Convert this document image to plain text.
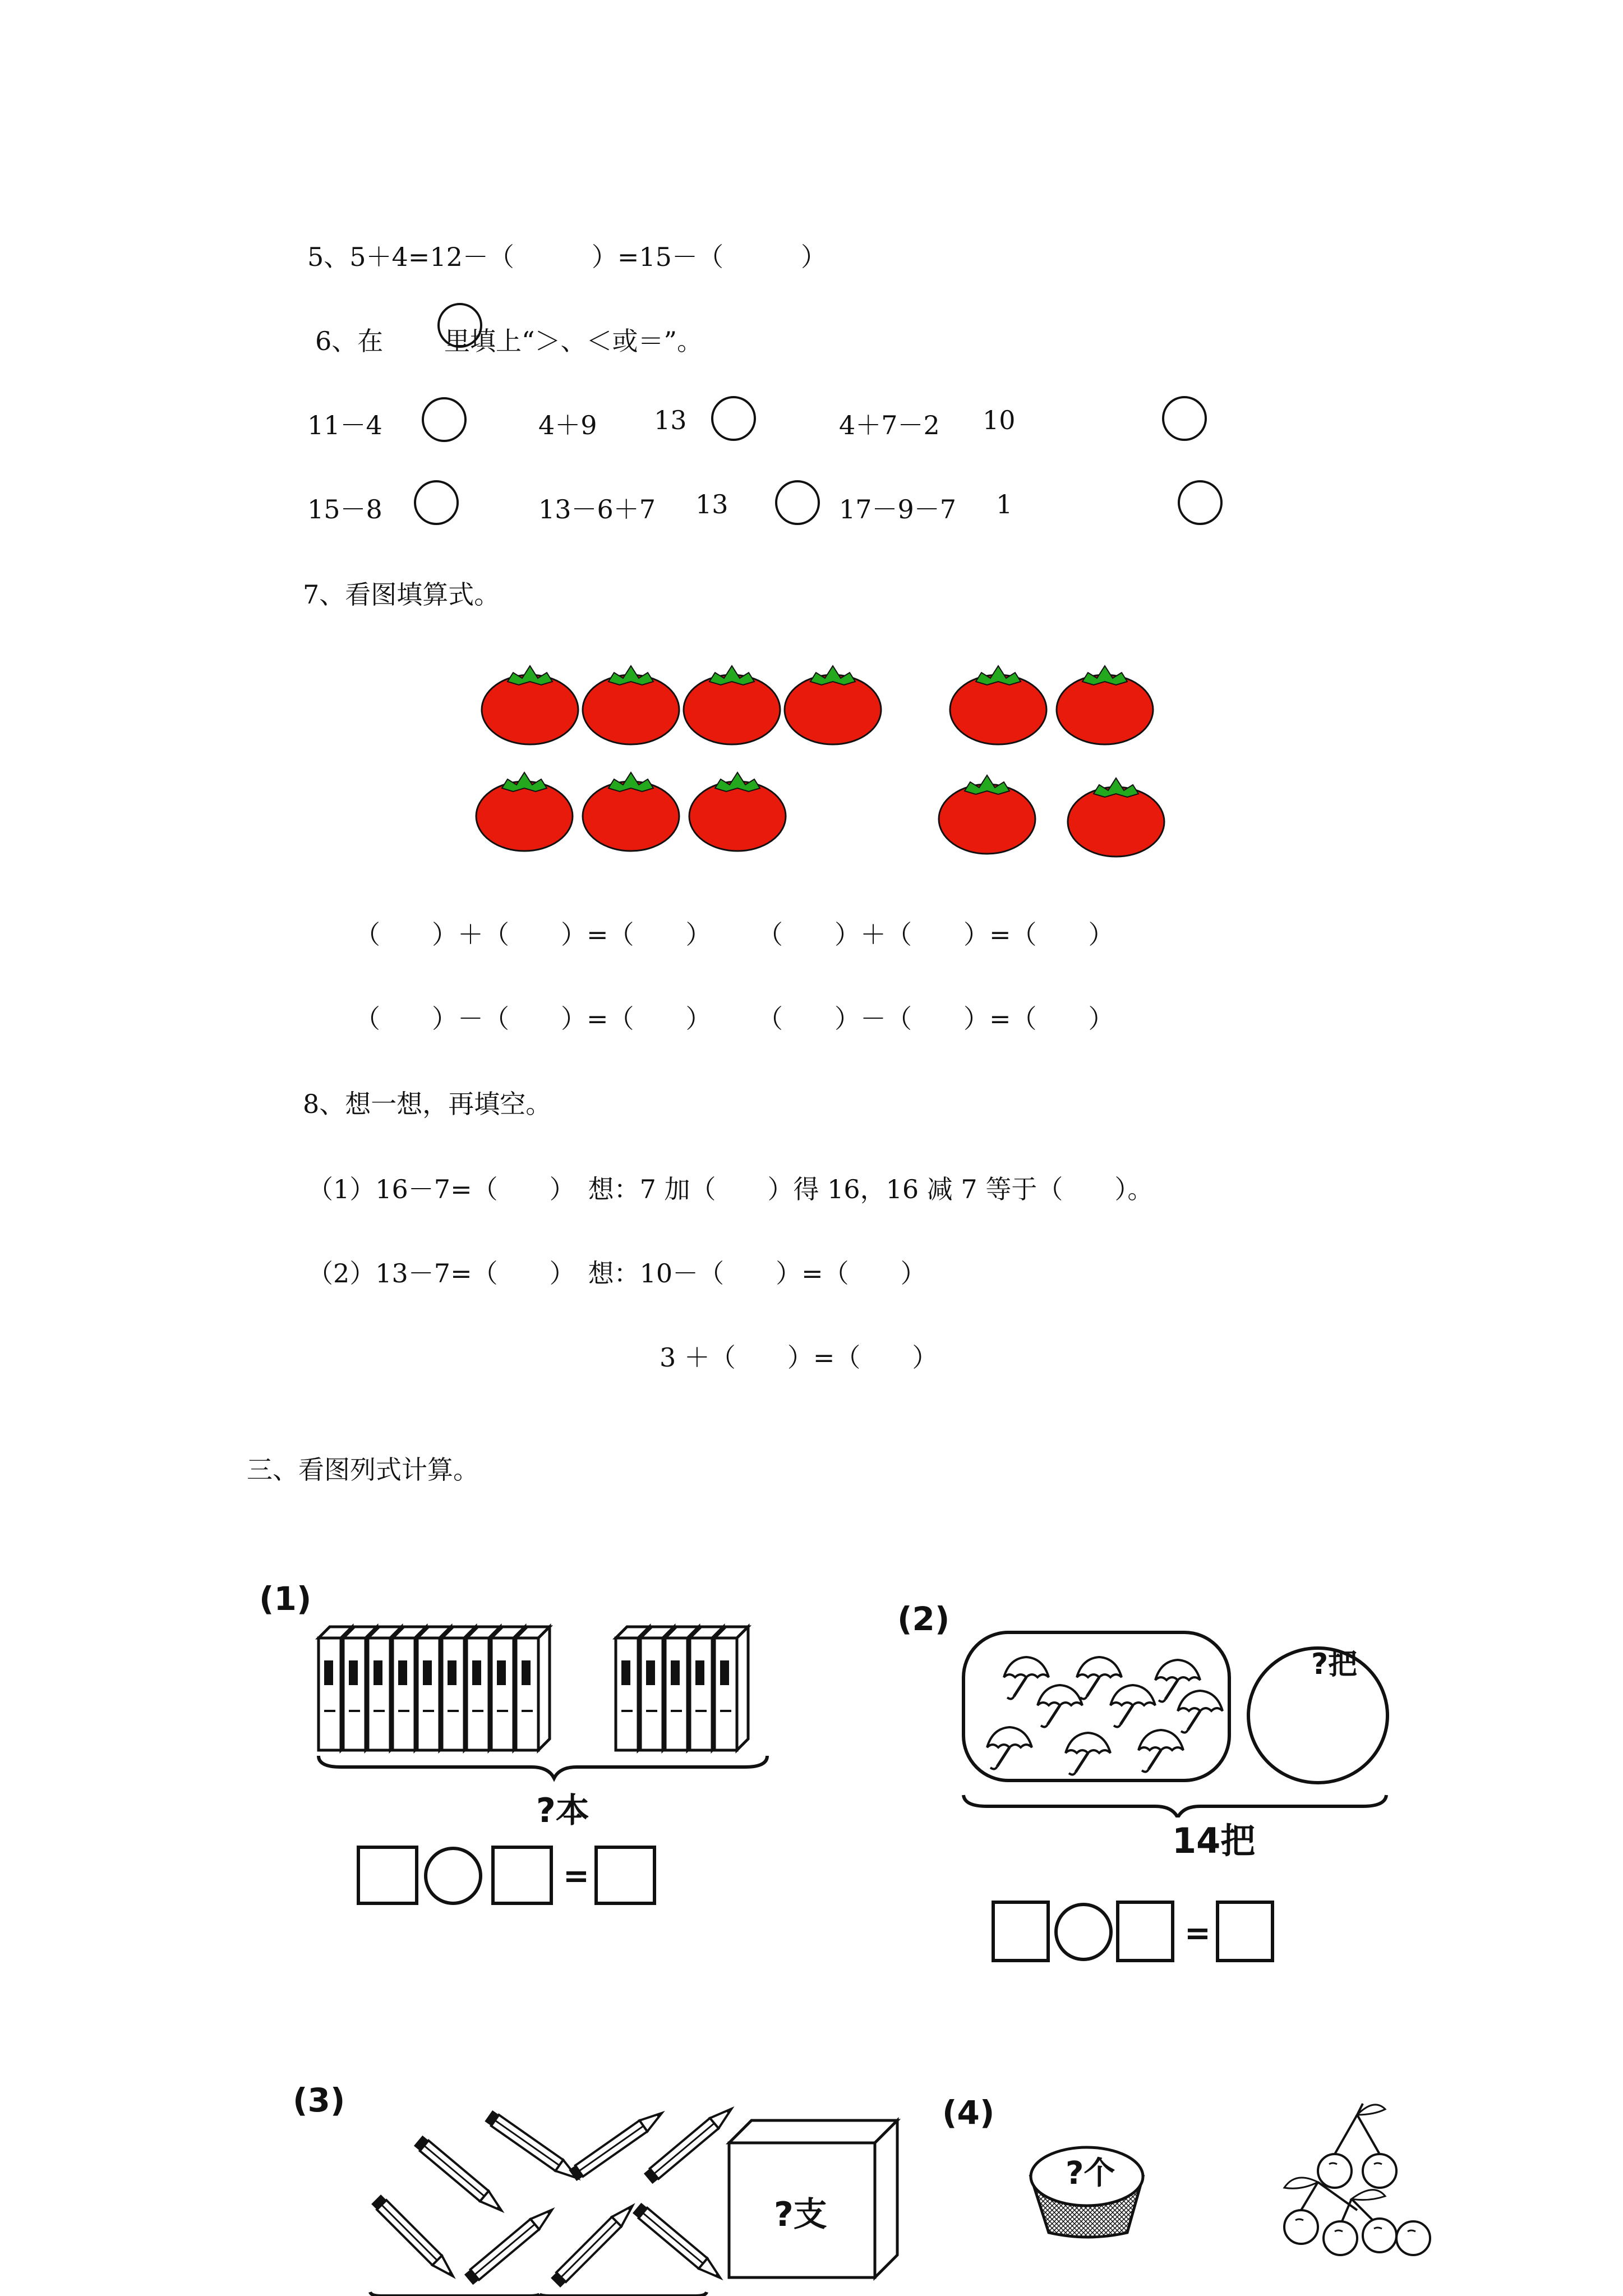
5、5＋4=12－（　　　）=15－（　　　）
6、在 里填上“＞、＜或＝”。
11－4	4＋9 13	4＋7－2 10
15－8	13－6＋7 13	17－9－7 1
7、看图填算式。
（　　）＋（　　）=（　　） （　　）＋（　　）=（　　）
（　　）－（　　）=（　　） （　　）－（　　）=（　　）
8、想一想，再填空。
（1）16－7=（　　）　想：7 加（　　）得 16，16 减 7 等于（　　）。
（2）13－7=（　　）　想：10－（　　）=（　　）
3 ＋（　　）=（　　）
三、看图列式计算。
(1)
?本
=
(2)
?把
14把
=
(3)
?支
(4)
?个
